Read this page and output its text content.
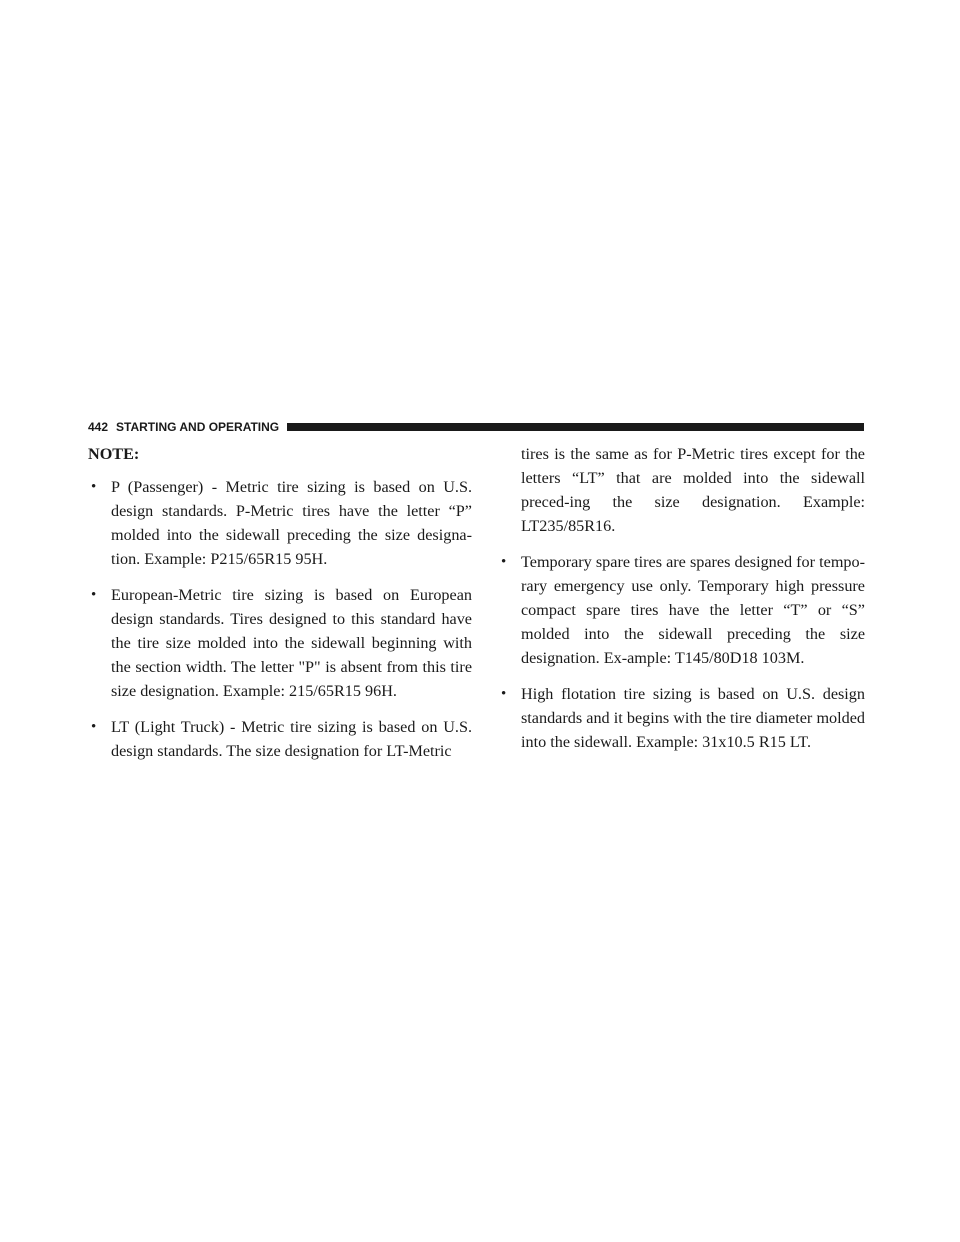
442 STARTING AND OPERATING

NOTE:

• P (Passenger) - Metric tire sizing is based on U.S. design standards. P-Metric tires have the letter “P” molded into the sidewall preceding the size designa-tion. Example: P215/65R15 95H.

• European-Metric tire sizing is based on European design standards. Tires designed to this standard have the tire size molded into the sidewall beginning with the section width. The letter "P" is absent from this tire size designation. Example: 215/65R15 96H.

• LT (Light Truck) - Metric tire sizing is based on U.S. design standards. The size designation for LT-Metric

tires is the same as for P-Metric tires except for the letters “LT” that are molded into the sidewall preced-ing the size designation. Example: LT235/85R16.

• Temporary spare tires are spares designed for tempo-rary emergency use only. Temporary high pressure compact spare tires have the letter “T” or “S” molded into the sidewall preceding the size designation. Ex-ample: T145/80D18 103M.

• High flotation tire sizing is based on U.S. design standards and it begins with the tire diameter molded into the sidewall. Example: 31x10.5 R15 LT.
